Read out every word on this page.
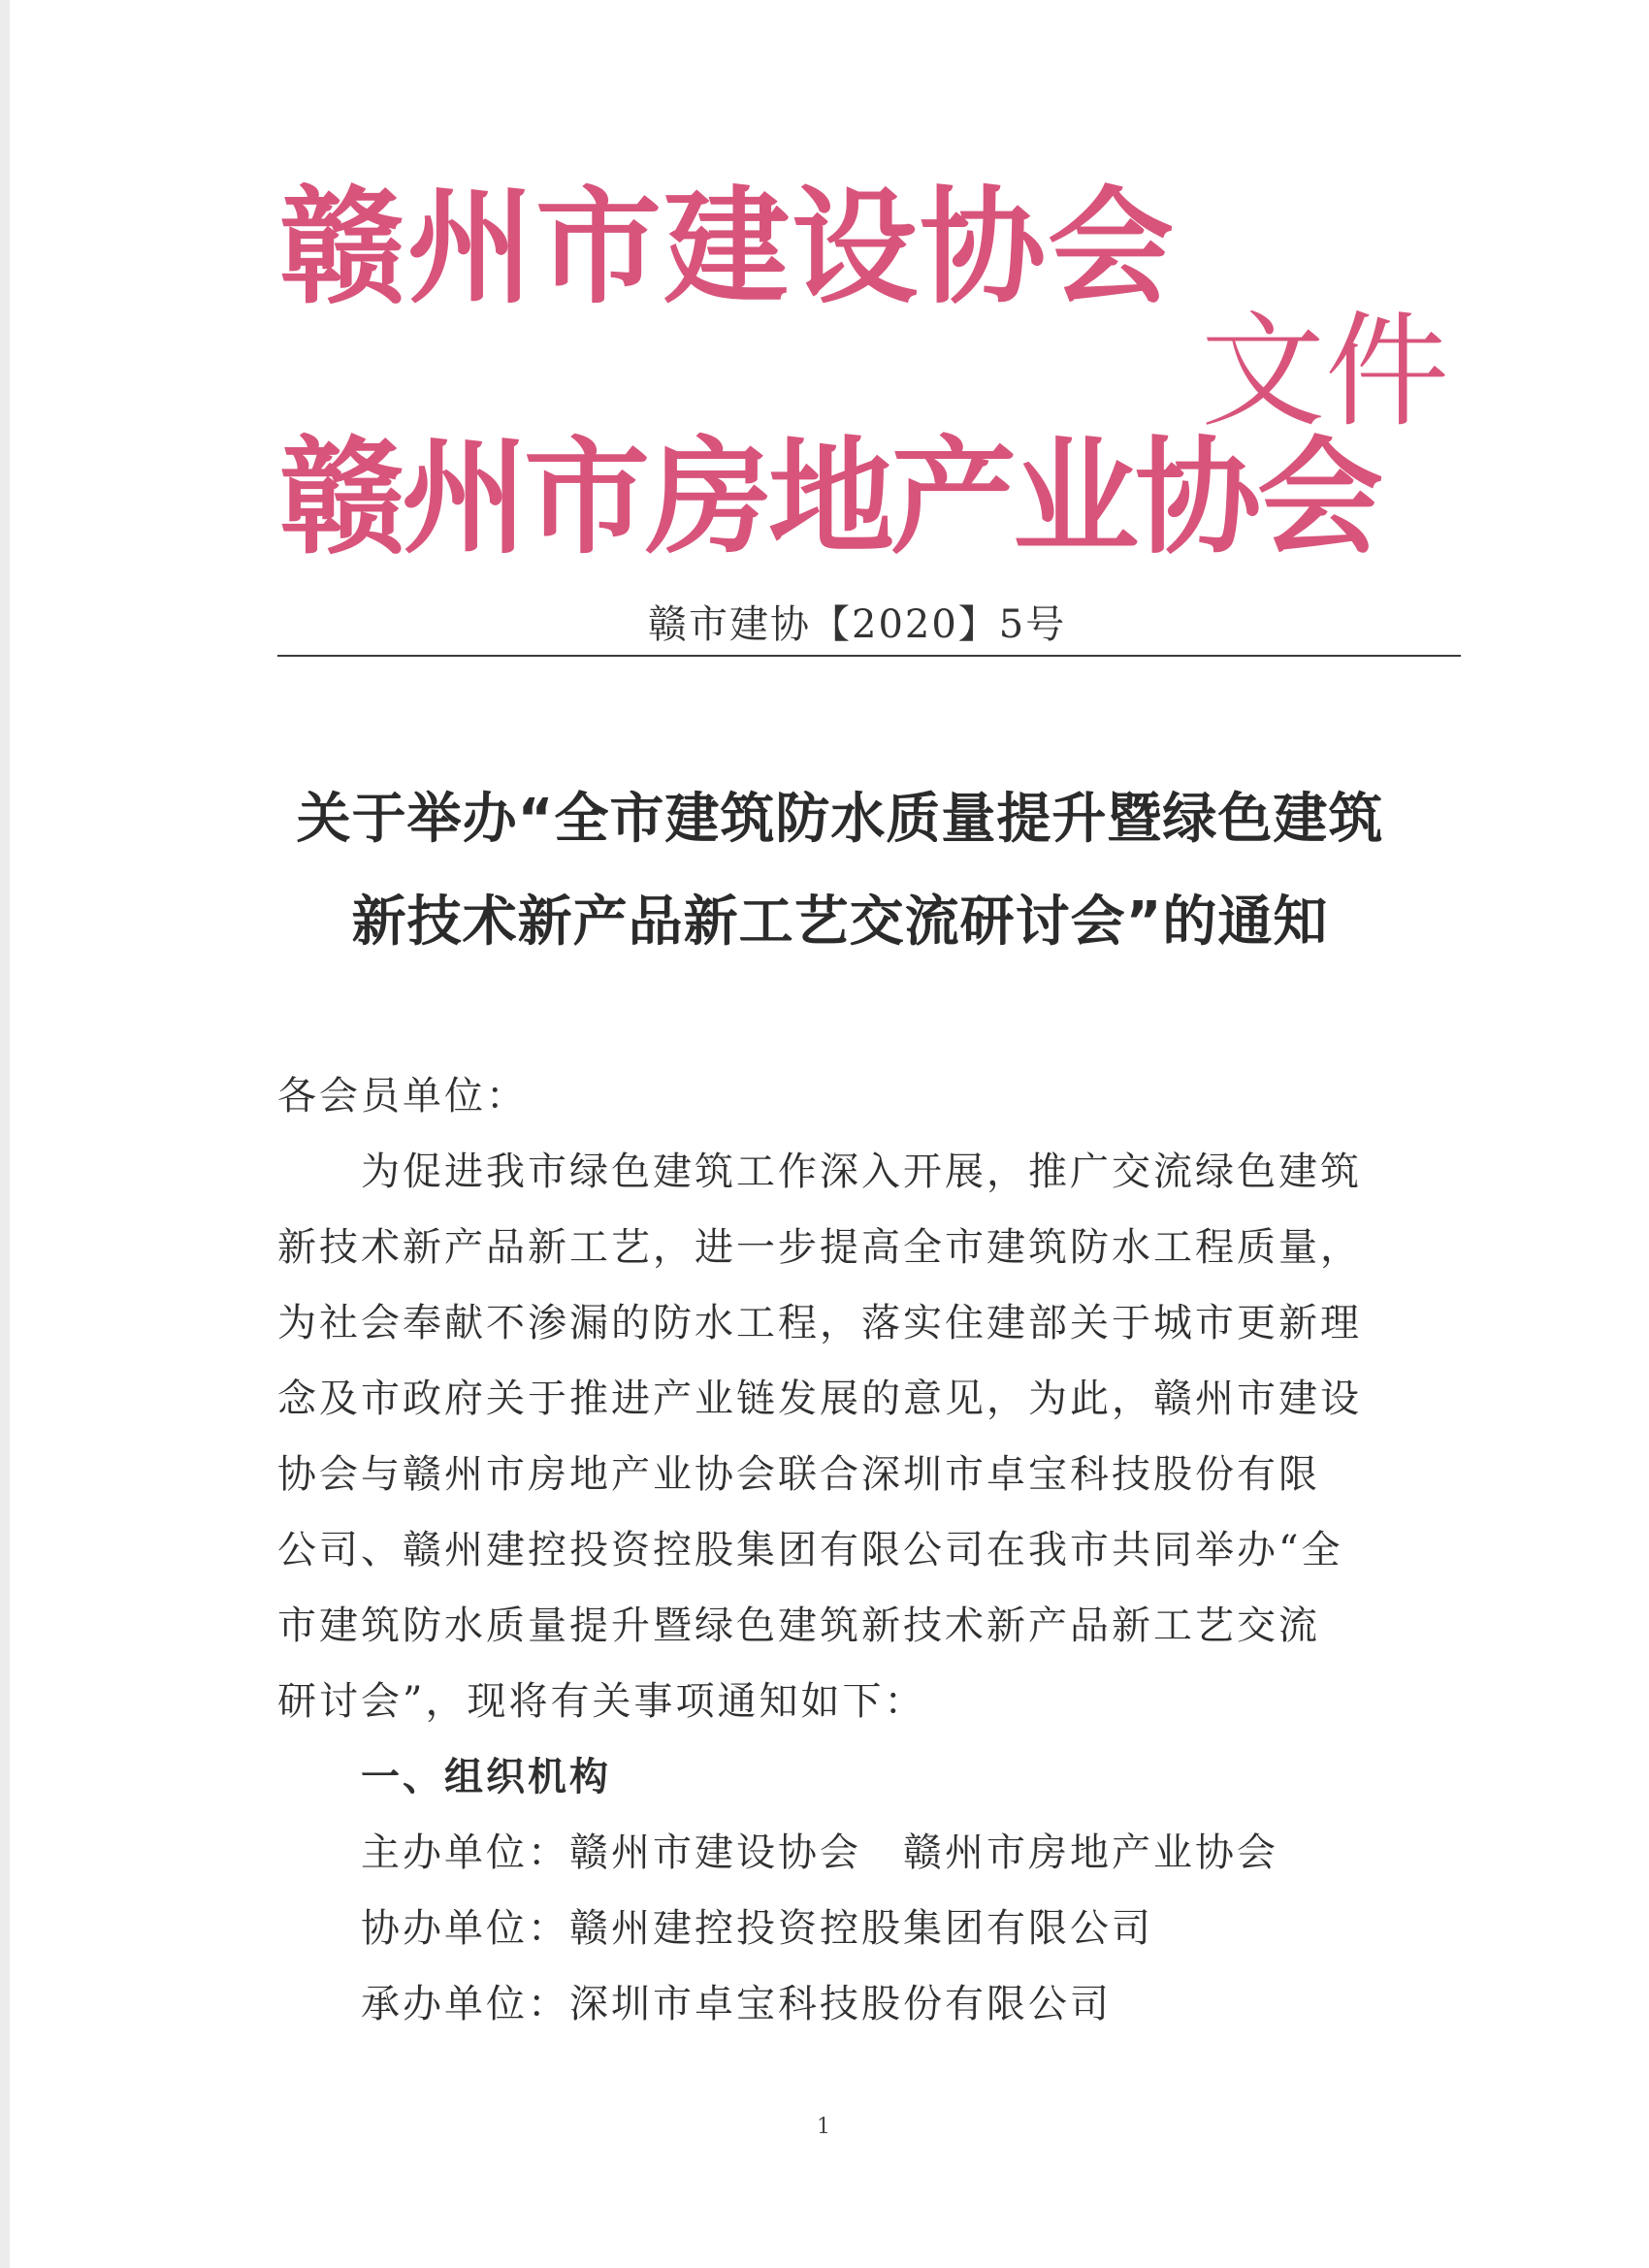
赣州市建设协会
文件
赣州市房地产业协会
赣市建协【2020】5号
关于举办“全市建筑防水质量提升暨绿色建筑
新技术新产品新工艺交流研讨会”的通知
各会员单位：
为促进我市绿色建筑工作深入开展，推广交流绿色建筑
新技术新产品新工艺，进一步提高全市建筑防水工程质量，
为社会奉献不渗漏的防水工程，落实住建部关于城市更新理
念及市政府关于推进产业链发展的意见，为此，赣州市建设
协会与赣州市房地产业协会联合深圳市卓宝科技股份有限
公司、赣州建控投资控股集团有限公司在我市共同举办“全
市建筑防水质量提升暨绿色建筑新技术新产品新工艺交流
研讨会”，现将有关事项通知如下：
一、组织机构
主办单位：赣州市建设协会　赣州市房地产业协会
协办单位：赣州建控投资控股集团有限公司
承办单位：深圳市卓宝科技股份有限公司
1
